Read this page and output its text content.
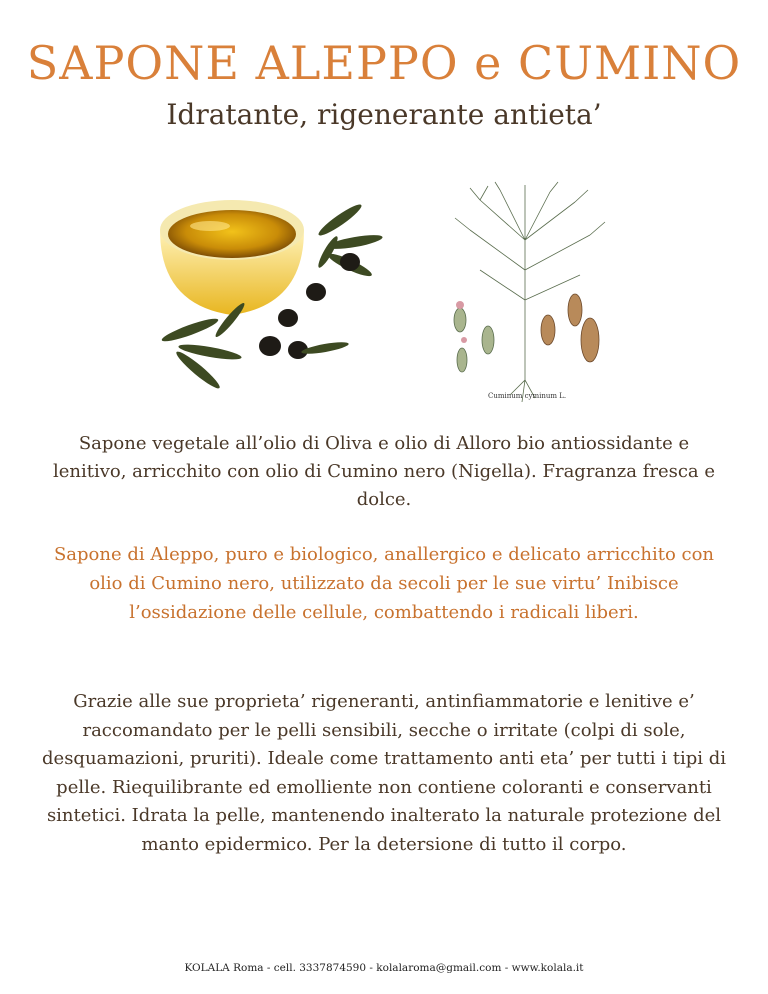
SAPONE ALEPPO e CUMINO
Idratante, rigenerante antieta’
Cuminum cyminum L.

Sapone vegetale all’olio di Oliva e olio di Alloro bio antiossidante e lenitivo, arricchito con olio di Cumino nero (Nigella). Fragranza fresca e dolce.

Sapone di Aleppo, puro e biologico, anallergico e delicato arricchito con olio di Cumino nero, utilizzato da secoli per le sue virtu’ Inibisce l’ossidazione delle cellule, combattendo i radicali liberi.

Grazie alle sue proprieta’ rigeneranti, antinfiammatorie e lenitive e’ raccomandato per le pelli sensibili, secche o irritate (colpi di sole, desquamazioni, pruriti). Ideale come trattamento anti eta’ per tutti i tipi di pelle. Riequilibrante ed emolliente non contiene coloranti e conservanti sintetici. Idrata la pelle, mantenendo inalterato la naturale protezione del manto epidermico. Per la detersione di tutto il corpo.

KOLALA Roma - cell. 3337874590 - kolalaroma@gmail.com - www.kolala.it
